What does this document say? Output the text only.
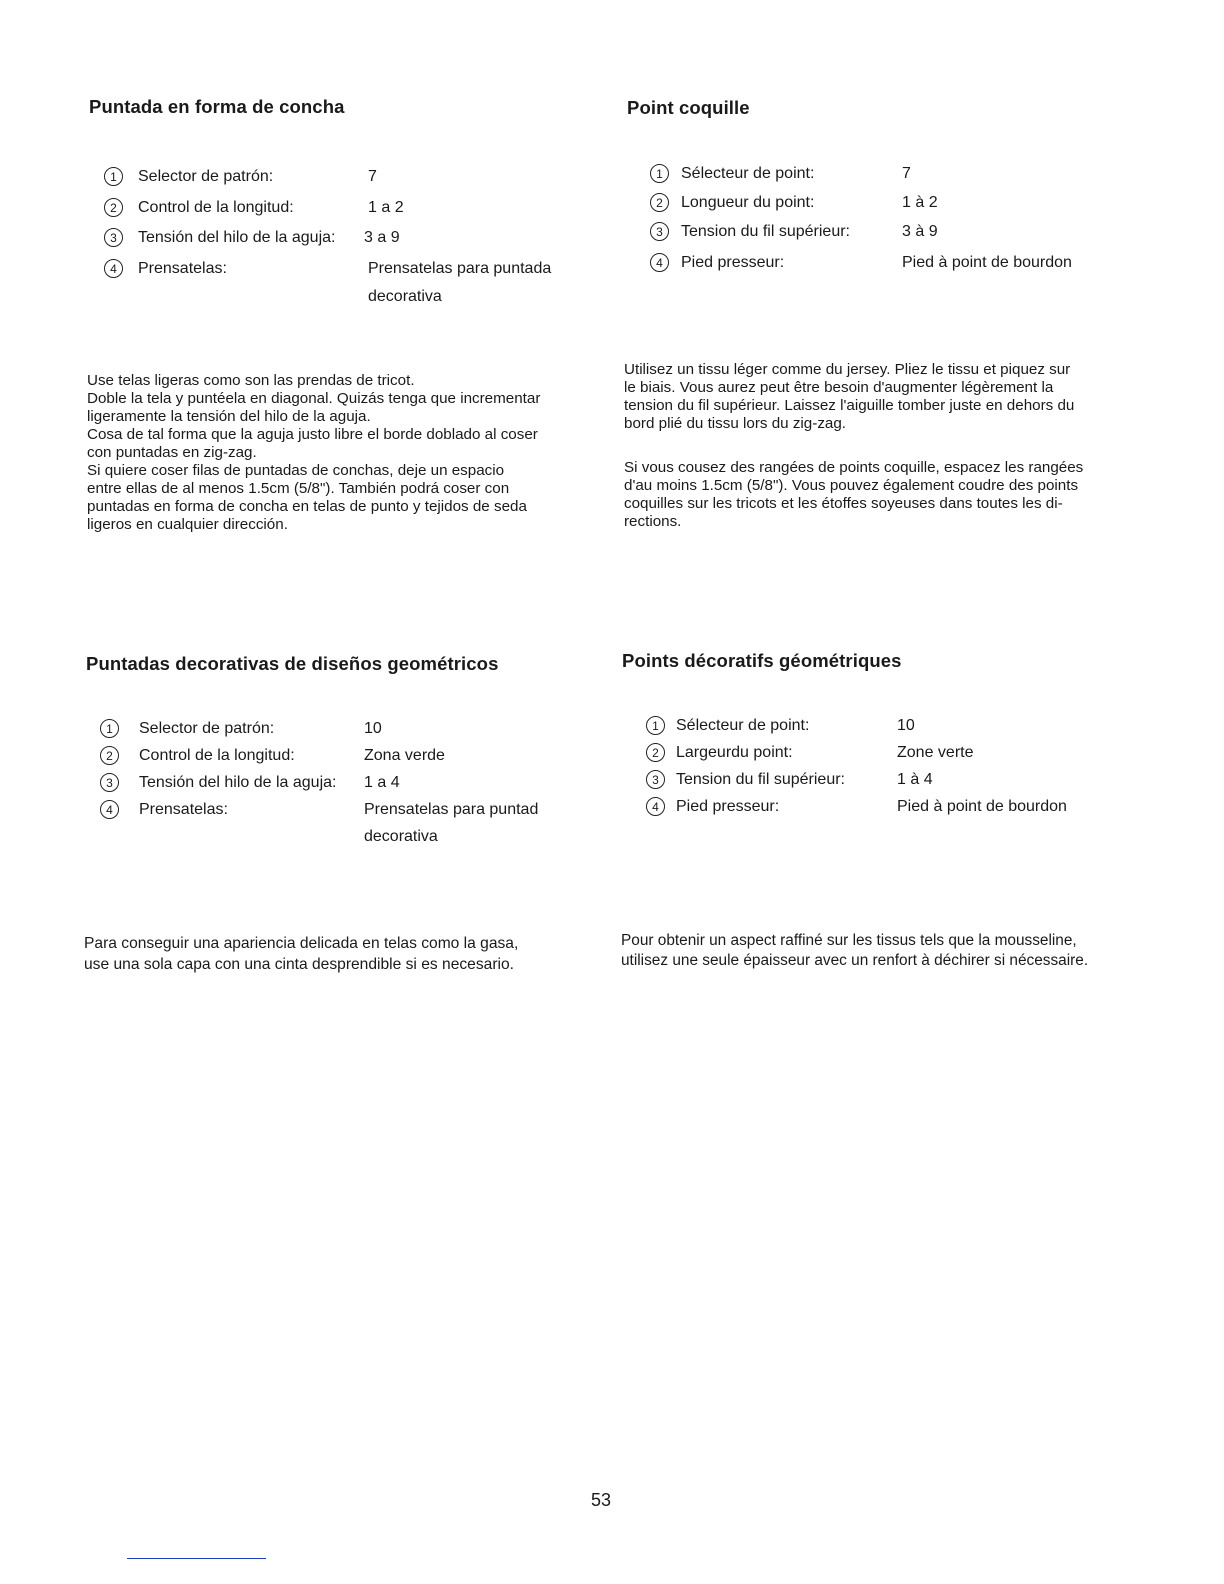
Puntada en forma de concha
1	Selector de patrón:	7
2	Control de la longitud:	1 a 2
3	Tensión del hilo de la aguja: 3 a 9
4	Prensatelas:	Prensatelas para puntada
decorativa

Use telas ligeras como son las prendas de tricot.

Doble la tela y puntéela en diagonal. Quizás tenga que incrementar

ligeramente la tensión del hilo de la aguja.

Cosa de tal forma que la aguja justo libre el borde doblado al coser

con puntadas en zig-zag.

Si quiere coser filas de puntadas de conchas, deje un espacio

entre ellas de al menos 1.5cm (5/8"). También podrá coser con

puntadas en forma de concha en telas de punto y tejidos de seda

ligeros en cualquier dirección.

Point coquille
1	Sélecteur de point:	7
2	Longueur du point:	1 à 2
3	Tension du fil supérieur:	3 à 9
4	Pied presseur:	Pied à point de bourdon

Utilisez un tissu léger comme du jersey. Pliez le tissu et piquez sur

le biais. Vous aurez peut être besoin d'augmenter légèrement la

tension du fil supérieur. Laissez l'aiguille tomber juste en dehors du

bord plié du tissu lors du zig-zag.

Si vous cousez des rangées de points coquille, espacez les rangées

d'au moins 1.5cm (5/8"). Vous pouvez également coudre des points

coquilles sur les tricots et les étoffes soyeuses dans toutes les di-

rections.

Puntadas decorativas de diseños geométricos
1	Selector de patrón:	10
2	Control de la longitud:	Zona verde
3	Tensión del hilo de la aguja: 1 a 4
4	Prensatelas:	Prensatelas para puntad
decorativa

Para conseguir una apariencia delicada en telas como la gasa,

use una sola capa con una cinta desprendible si es necesario.

Points décoratifs géométriques
1	Sélecteur de point:	10
2	Largeurdu point:	Zone verte
3	Tension du fil supérieur:	1 à 4
4	Pied presseur:	Pied à point de bourdon

Pour obtenir un aspect raffiné sur les tissus tels que la mousseline,

utilisez une seule épaisseur avec un renfort à déchirer si nécessaire.

53
